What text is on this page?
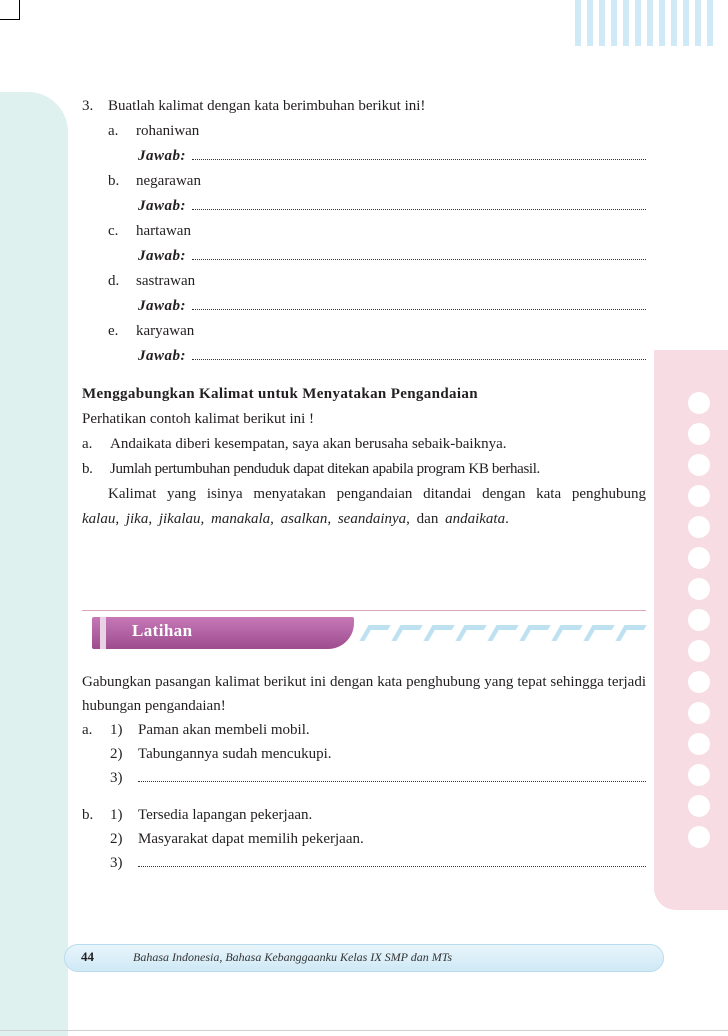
3. Buatlah kalimat dengan kata berimbuhan berikut ini!
a.	rohaniwan
Jawab:
b.	negarawan
Jawab:
c.	hartawan
Jawab:
d.	sastrawan
Jawab:
e.	karyawan
Jawab:
Menggabungkan Kalimat untuk Menyatakan Pengandaian
Perhatikan contoh kalimat berikut ini !
a.	Andaikata diberi kesempatan, saya akan berusaha sebaik-baiknya.
b.	Jumlah pertumbuhan penduduk dapat ditekan apabila program KB berhasil.
Kalimat yang isinya menyatakan pengandaian ditandai dengan kata penghubung kalau, jika, jikalau, manakala, asalkan, seandainya, dan andaikata.
Latihan
Gabungkan pasangan kalimat berikut ini dengan kata penghubung yang tepat sehingga terjadi hubungan pengandaian!
a.	1)	Paman akan membeli mobil.
2)	Tabungannya sudah mencukupi.
3)
b.	1)	Tersedia lapangan pekerjaan.
2)	Masyarakat dapat memilih pekerjaan.
3)
44	Bahasa Indonesia, Bahasa Kebanggaanku Kelas IX SMP dan MTs
